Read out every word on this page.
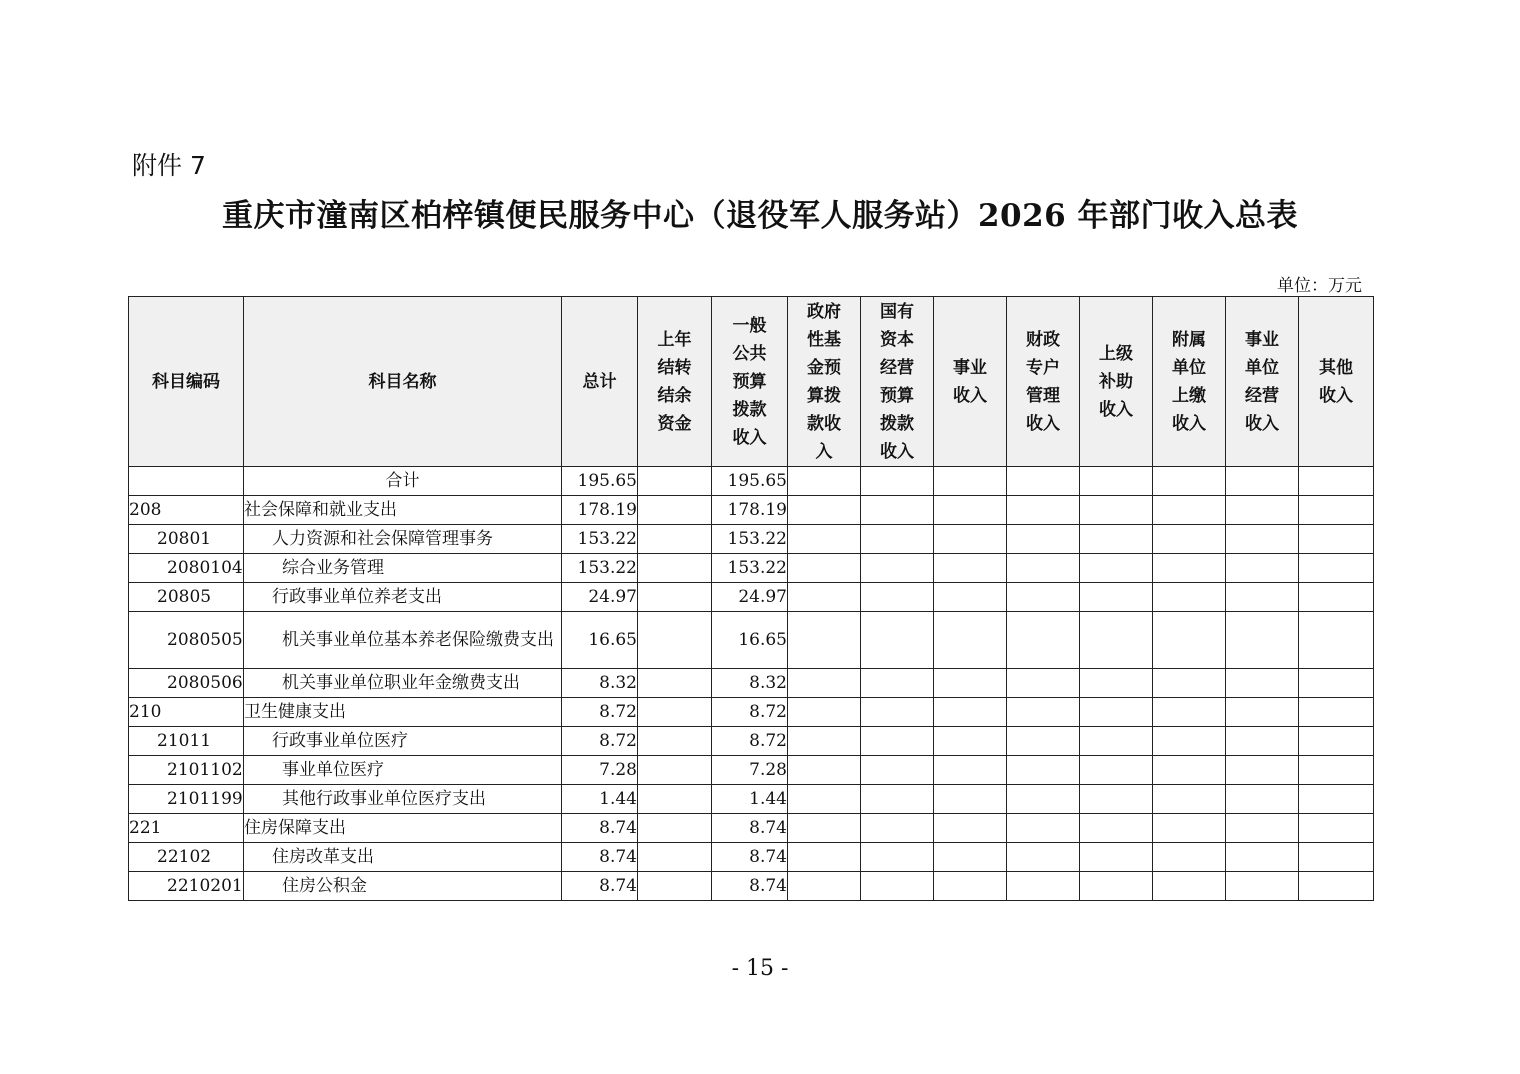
附件 7
重庆市潼南区柏梓镇便民服务中心（退役军人服务站）2026 年部门收入总表
单位：万元
科目编码	科目名称	总计	上年结转结余资金	一般公共预算拨款收入	政府性基金预算拨款收入	国有资本经营预算拨款收入	事业收入	财政专户管理收入	上级补助收入	附属单位上缴收入	事业单位经营收入	其他收入
	合计	195.65		195.65								
208	社会保障和就业支出	178.19		178.19								
20801	人力资源和社会保障管理事务	153.22		153.22								
2080104	综合业务管理	153.22		153.22								
20805	行政事业单位养老支出	24.97		24.97								
2080505	机关事业单位基本养老保险缴费支出	16.65		16.65								
2080506	机关事业单位职业年金缴费支出	8.32		8.32								
210	卫生健康支出	8.72		8.72								
21011	行政事业单位医疗	8.72		8.72								
2101102	事业单位医疗	7.28		7.28								
2101199	其他行政事业单位医疗支出	1.44		1.44								
221	住房保障支出	8.74		8.74								
22102	住房改革支出	8.74		8.74								
2210201	住房公积金	8.74		8.74								
- 15 -
